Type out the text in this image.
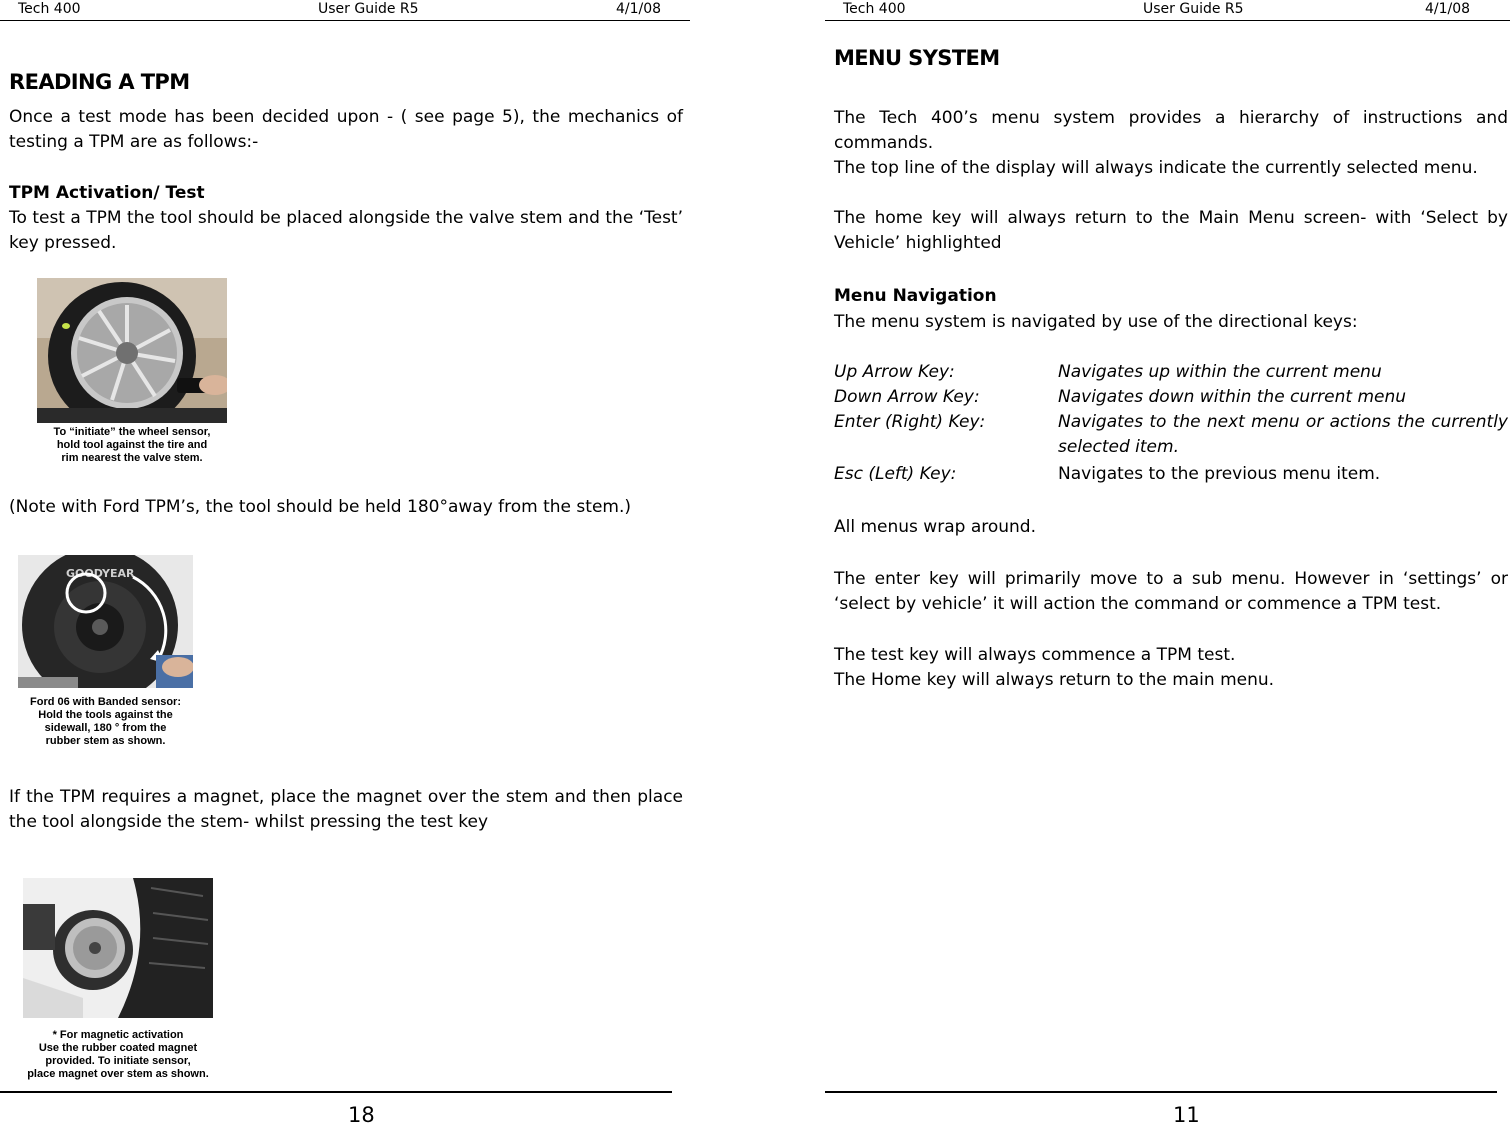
Tech 400	User Guide R5	4/1/08
READING A TPM

Once a test mode has been decided upon - ( see page 5), the mechanics of testing a TPM are as follows:-

TPM Activation/ Test

To test a TPM the tool should be placed alongside the valve stem and the ‘Test’ key pressed.

To “initiate” the wheel sensor,
hold tool against the tire and
rim nearest the valve stem.

(Note with Ford TPM’s, the tool should be held 180°away from the stem.)

GOODYEAR
Ford 06 with Banded sensor:
Hold the tools against the
sidewall, 180 ° from the
rubber stem as shown.

If the TPM requires a magnet, place the magnet over the stem and then place the tool alongside the stem- whilst pressing the test key

* For magnetic activation
Use the rubber coated magnet
provided. To initiate sensor,
place magnet over stem as shown.
18
Tech 400	User Guide R5	4/1/08
MENU SYSTEM

The Tech 400’s menu system provides a hierarchy of instructions and commands.

The top line of the display will always indicate the currently selected menu.

The home key will always return to the Main Menu screen- with ‘Select by Vehicle’ highlighted

Menu Navigation

The menu system is navigated by use of the directional keys:

Up Arrow Key:	Navigates up within the current menu
Down Arrow Key:	Navigates down within the current menu
Enter (Right) Key:	Navigates to the next menu or actions the currently selected item.
Esc (Left) Key:	Navigates to the previous menu item.

All menus wrap around.

The enter key will primarily move to a sub menu. However in ‘settings’ or ‘select by vehicle’ it will action the command or commence a TPM test.

The test key will always commence a TPM test.

The Home key will always return to the main menu.

11
